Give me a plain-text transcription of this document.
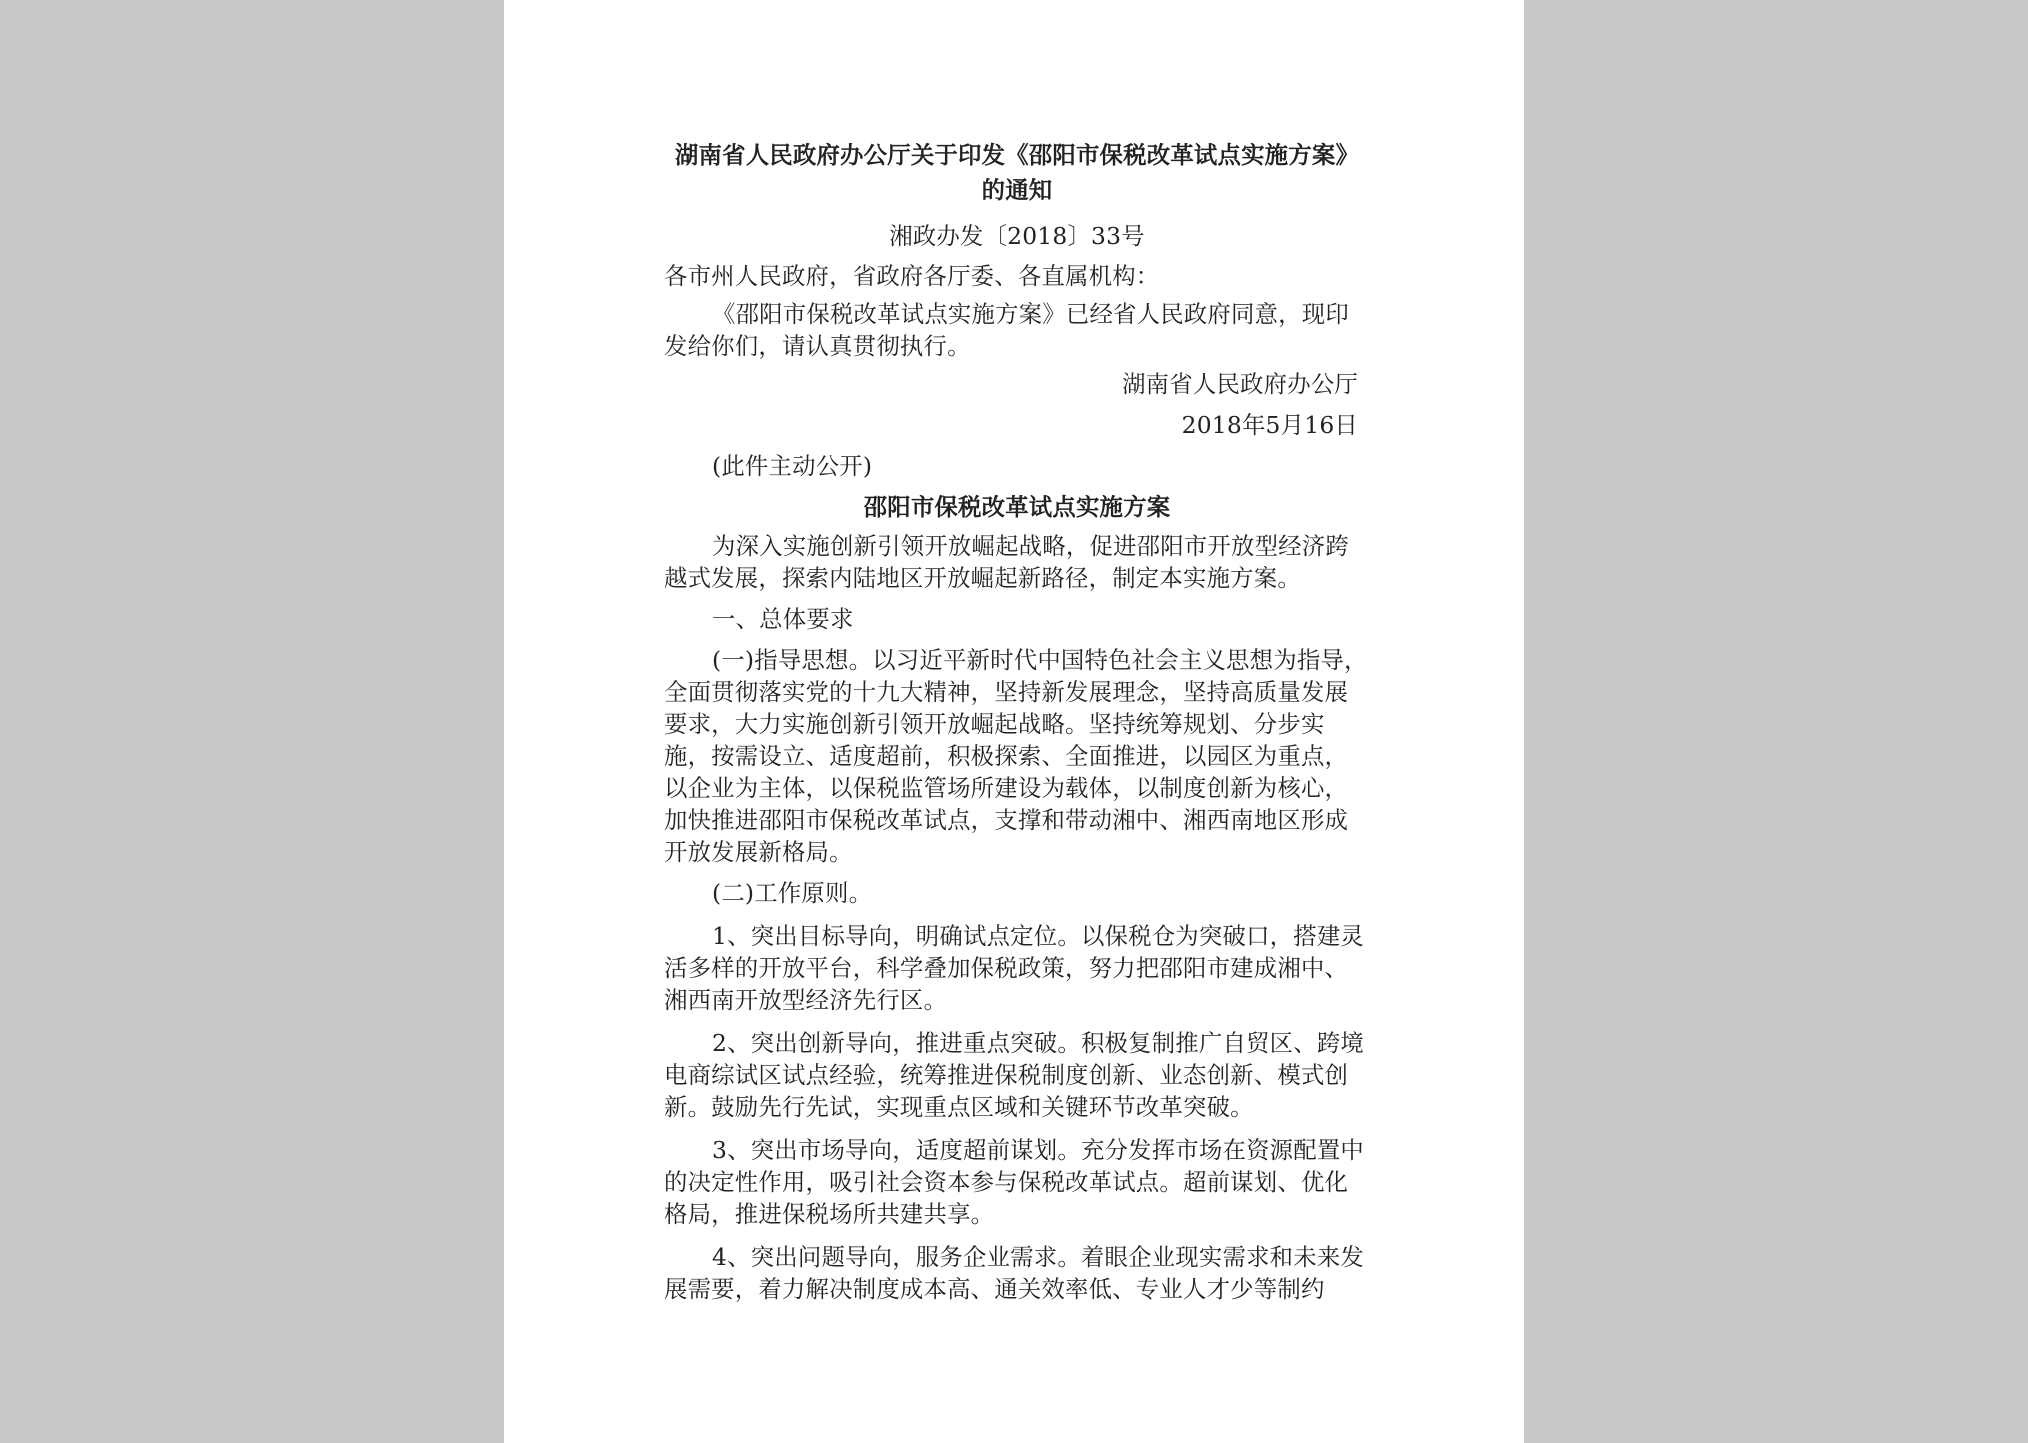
湖南省人民政府办公厅关于印发《邵阳市保税改革试点实施方案》
的通知

湘政办发〔2018〕33号

各市州人民政府，省政府各厅委、各直属机构：

《邵阳市保税改革试点实施方案》已经省人民政府同意，现印发给你们，请认真贯彻执行。

湖南省人民政府办公厅

2018年5月16日

(此件主动公开)

邵阳市保税改革试点实施方案

为深入实施创新引领开放崛起战略，促进邵阳市开放型经济跨越式发展，探索内陆地区开放崛起新路径，制定本实施方案。

一、总体要求

(一)指导思想。以习近平新时代中国特色社会主义思想为指导，全面贯彻落实党的十九大精神，坚持新发展理念，坚持高质量发展要求，大力实施创新引领开放崛起战略。坚持统筹规划、分步实施，按需设立、适度超前，积极探索、全面推进，以园区为重点，以企业为主体，以保税监管场所建设为载体，以制度创新为核心，加快推进邵阳市保税改革试点，支撑和带动湘中、湘西南地区形成开放发展新格局。

(二)工作原则。

1、突出目标导向，明确试点定位。以保税仓为突破口，搭建灵活多样的开放平台，科学叠加保税政策，努力把邵阳市建成湘中、湘西南开放型经济先行区。

2、突出创新导向，推进重点突破。积极复制推广自贸区、跨境电商综试区试点经验，统筹推进保税制度创新、业态创新、模式创新。鼓励先行先试，实现重点区域和关键环节改革突破。

3、突出市场导向，适度超前谋划。充分发挥市场在资源配置中的决定性作用，吸引社会资本参与保税改革试点。超前谋划、优化格局，推进保税场所共建共享。

4、突出问题导向，服务企业需求。着眼企业现实需求和未来发展需要，着力解决制度成本高、通关效率低、专业人才少等制约
